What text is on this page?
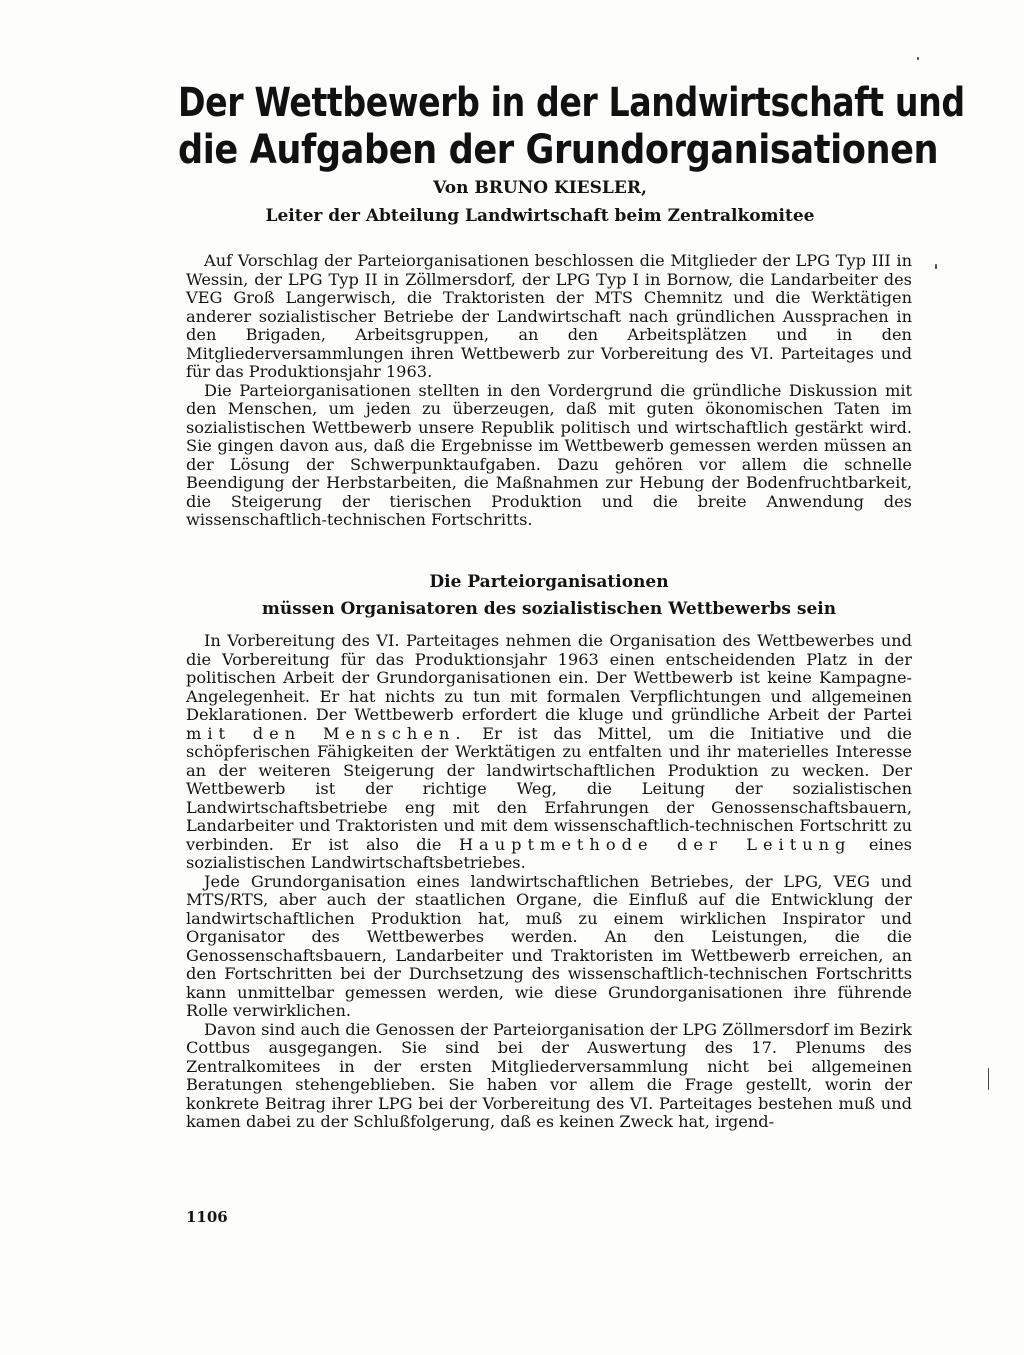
Der Wettbewerb in der Landwirtschaft und
die Aufgaben der Grundorganisationen
Von BRUNO KIESLER,
Leiter der Abteilung Landwirtschaft beim Zentralkomitee

Auf Vorschlag der Parteiorganisationen beschlossen die Mitglieder der LPG Typ III in Wessin, der LPG Typ II in Zöllmersdorf, der LPG Typ I in Bornow, die Landarbeiter des VEG Groß Langerwisch, die Traktoristen der MTS Chemnitz und die Werktätigen anderer sozialistischer Betriebe der Landwirtschaft nach gründlichen Aussprachen in den Brigaden, Arbeitsgruppen, an den Arbeitsplätzen und in den Mitgliederversammlungen ihren Wettbewerb zur Vorbereitung des VI. Parteitages und für das Produktionsjahr 1963.

Die Parteiorganisationen stellten in den Vordergrund die gründliche Diskussion mit den Menschen, um jeden zu überzeugen, daß mit guten ökonomischen Taten im sozialistischen Wettbewerb unsere Republik politisch und wirtschaftlich gestärkt wird. Sie gingen davon aus, daß die Ergebnisse im Wettbewerb gemessen werden müssen an der Lösung der Schwerpunktaufgaben. Dazu gehören vor allem die schnelle Beendigung der Herbstarbeiten, die Maßnahmen zur Hebung der Bodenfruchtbarkeit, die Steigerung der tierischen Produktion und die breite Anwendung des wissenschaftlich-technischen Fortschritts.

Die Parteiorganisationen
müssen Organisatoren des sozialistischen Wettbewerbs sein

In Vorbereitung des VI. Parteitages nehmen die Organisation des Wettbewerbes und die Vorbereitung für das Produktionsjahr 1963 einen entscheidenden Platz in der politischen Arbeit der Grundorganisationen ein. Der Wettbewerb ist keine Kampagne-Angelegenheit. Er hat nichts zu tun mit formalen Verpflichtungen und allgemeinen Deklarationen. Der Wettbewerb erfordert die kluge und gründliche Arbeit der Partei mit den Menschen. Er ist das Mittel, um die Initiative und die schöpferischen Fähigkeiten der Werktätigen zu entfalten und ihr materielles Interesse an der weiteren Steigerung der landwirtschaftlichen Produktion zu wecken. Der Wettbewerb ist der richtige Weg, die Leitung der sozialistischen Landwirtschaftsbetriebe eng mit den Erfahrungen der Genossenschaftsbauern, Landarbeiter und Traktoristen und mit dem wissenschaftlich-technischen Fortschritt zu verbinden. Er ist also die Hauptmethode der Leitung eines sozialistischen Landwirtschaftsbetriebes.

Jede Grundorganisation eines landwirtschaftlichen Betriebes, der LPG, VEG und MTS/RTS, aber auch der staatlichen Organe, die Einfluß auf die Entwicklung der landwirtschaftlichen Produktion hat, muß zu einem wirklichen Inspirator und Organisator des Wettbewerbes werden. An den Leistungen, die die Genossenschaftsbauern, Landarbeiter und Traktoristen im Wettbewerb erreichen, an den Fortschritten bei der Durchsetzung des wissenschaftlich-technischen Fortschritts kann unmittelbar gemessen werden, wie diese Grundorganisationen ihre führende Rolle verwirklichen.

Davon sind auch die Genossen der Parteiorganisation der LPG Zöllmersdorf im Bezirk Cottbus ausgegangen. Sie sind bei der Auswertung des 17. Plenums des Zentralkomitees in der ersten Mitgliederversammlung nicht bei allgemeinen Beratungen stehengeblieben. Sie haben vor allem die Frage gestellt, worin der konkrete Beitrag ihrer LPG bei der Vorbereitung des VI. Parteitages bestehen muß und kamen dabei zu der Schlußfolgerung, daß es keinen Zweck hat, irgend-

1106
